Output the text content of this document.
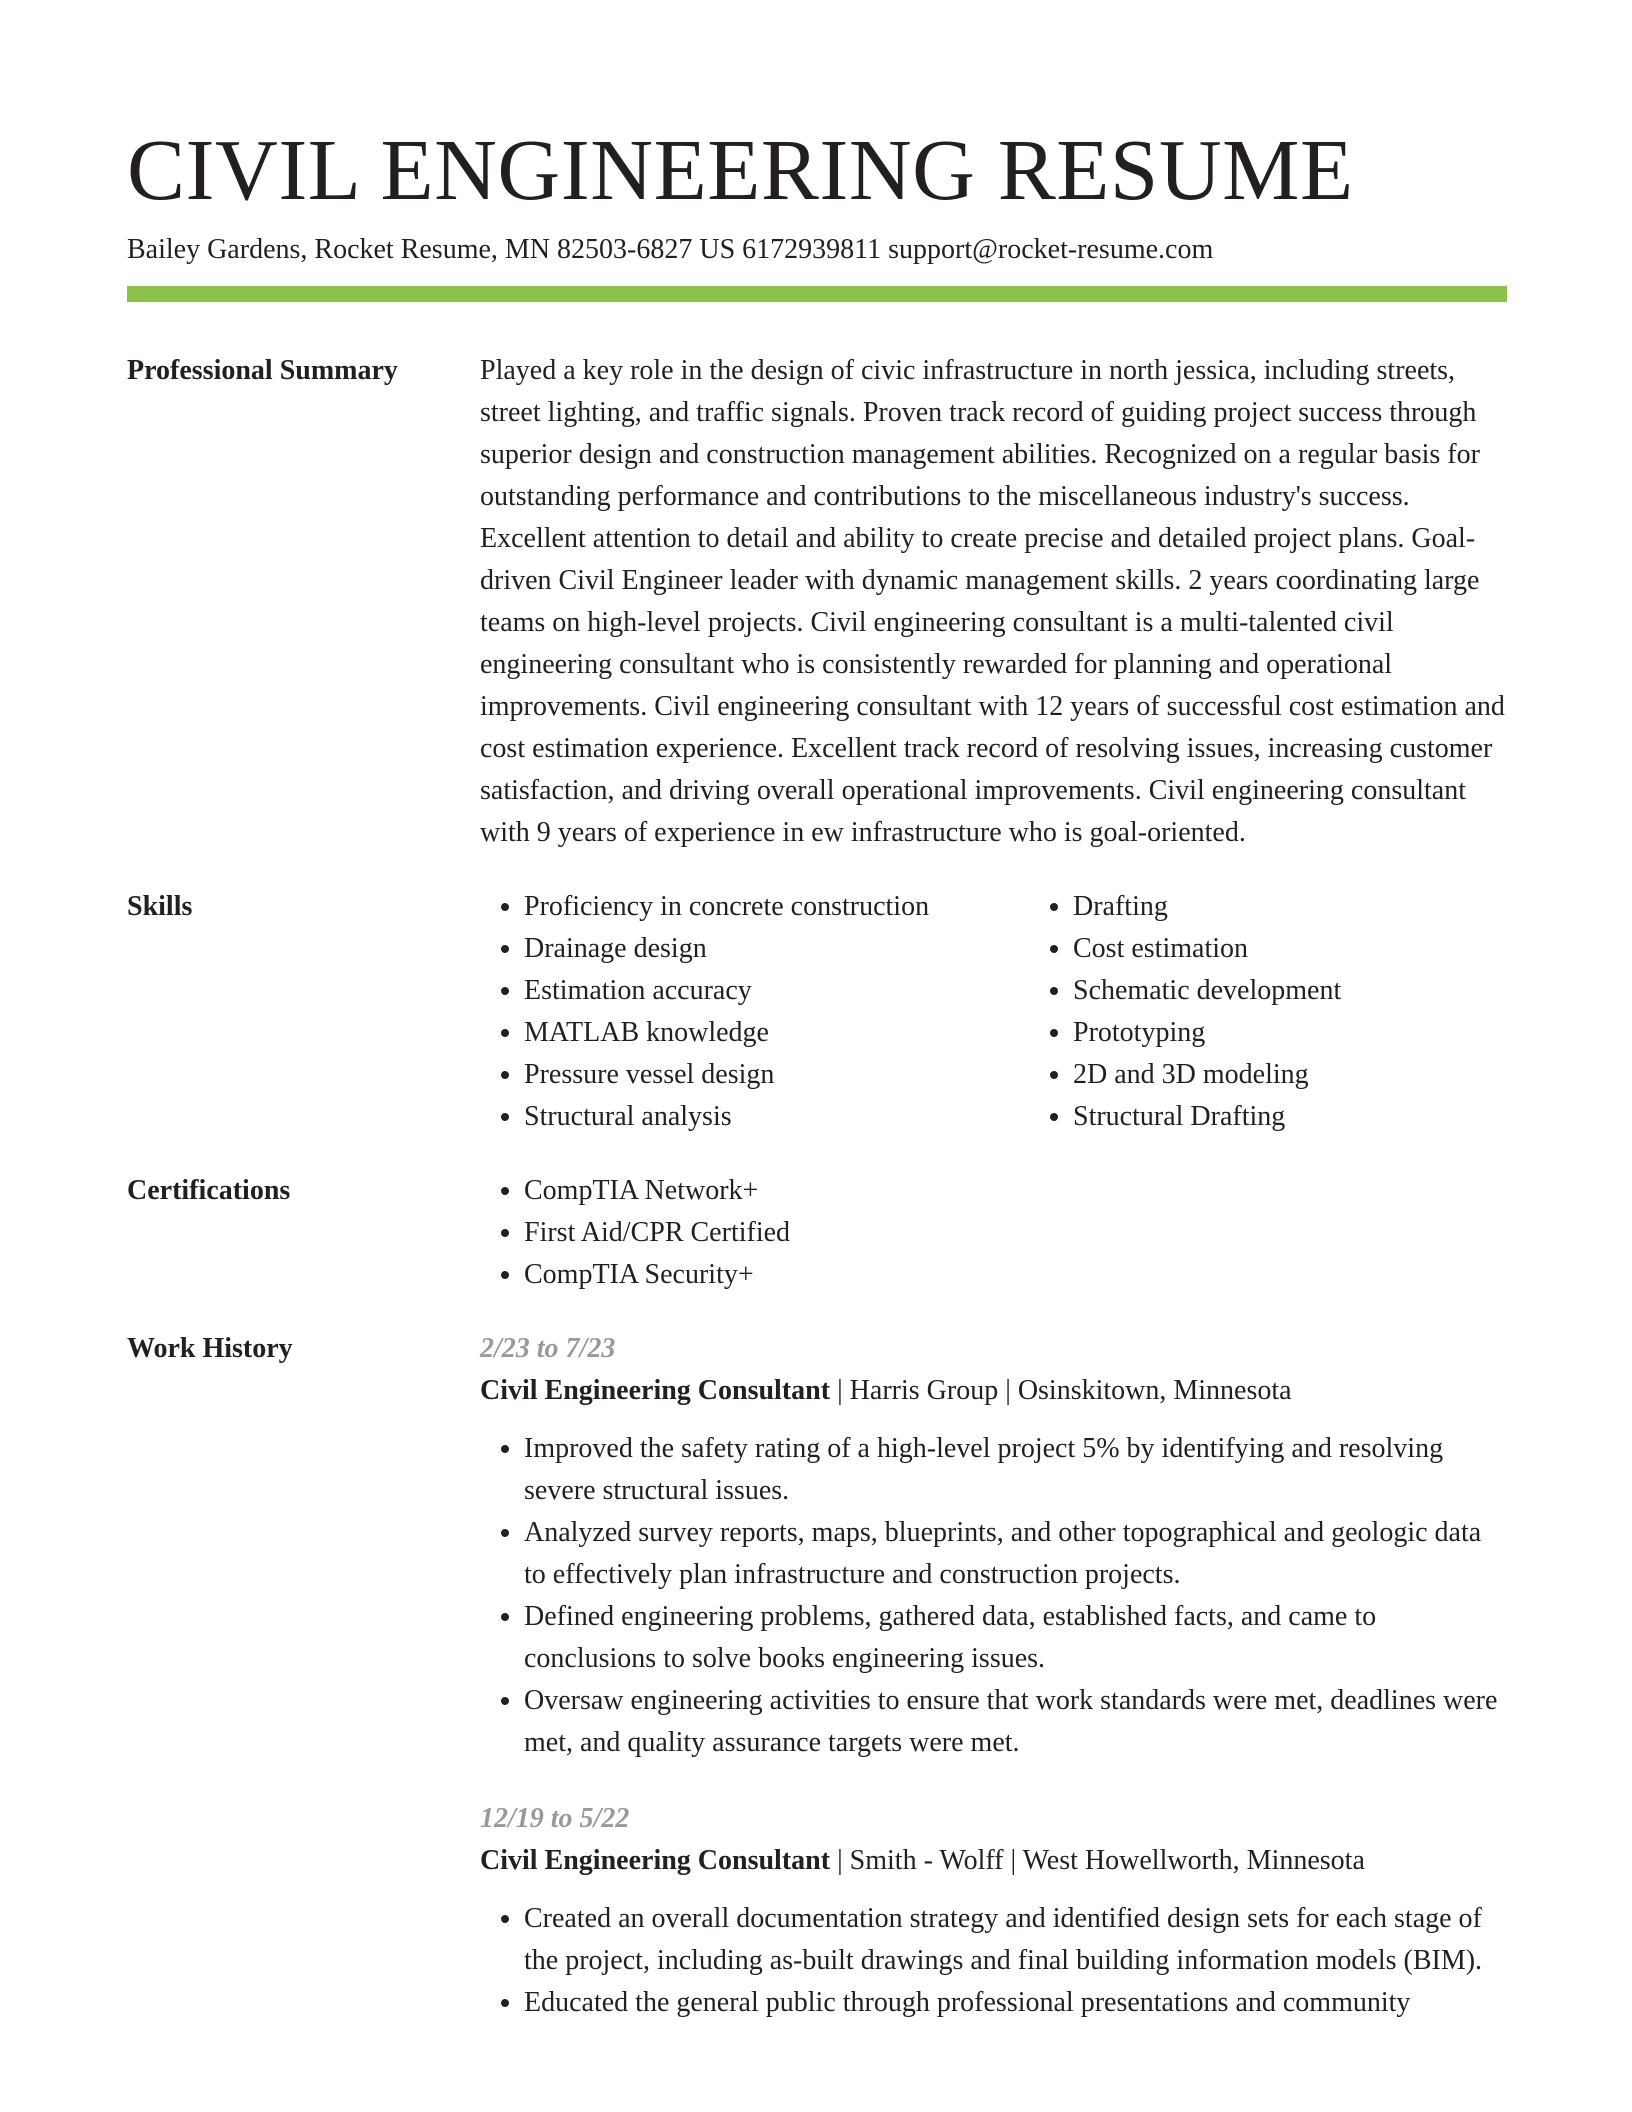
CIVIL ENGINEERING RESUME
Bailey Gardens, Rocket Resume, MN 82503-6827 US 6172939811 support@rocket-resume.com
Professional Summary	Played a key role in the design of civic infrastructure in north jessica, including streets, street lighting, and traffic signals. Proven track record of guiding project success through superior design and construction management abilities. Recognized on a regular basis for outstanding performance and contributions to the miscellaneous industry's success. Excellent attention to detail and ability to create precise and detailed project plans. Goal-driven Civil Engineer leader with dynamic management skills. 2 years coordinating large teams on high-level projects. Civil engineering consultant is a multi-talented civil engineering consultant who is consistently rewarded for planning and operational improvements. Civil engineering consultant with 12 years of successful cost estimation and cost estimation experience. Excellent track record of resolving issues, increasing customer satisfaction, and driving overall operational improvements. Civil engineering consultant with 9 years of experience in ew infrastructure who is goal-oriented.

Skills	• Proficiency in concrete construction
• Drainage design
• Estimation accuracy
• MATLAB knowledge
• Pressure vessel design
• Structural analysis
• Drafting
• Cost estimation
• Schematic development
• Prototyping
• 2D and 3D modeling
• Structural Drafting
Certifications	• CompTIA Network+
• First Aid/CPR Certified
• CompTIA Security+
Work History	2/23 to 7/23
Civil Engineering Consultant | Harris Group | Osinskitown, Minnesota
• Improved the safety rating of a high-level project 5% by identifying and resolving severe structural issues.
• Analyzed survey reports, maps, blueprints, and other topographical and geologic data to effectively plan infrastructure and construction projects.
• Defined engineering problems, gathered data, established facts, and came to conclusions to solve books engineering issues.
• Oversaw engineering activities to ensure that work standards were met, deadlines were met, and quality assurance targets were met.
12/19 to 5/22
Civil Engineering Consultant | Smith - Wolff | West Howellworth, Minnesota
• Created an overall documentation strategy and identified design sets for each stage of the project, including as-built drawings and final building information models (BIM).
• Educated the general public through professional presentations and community
